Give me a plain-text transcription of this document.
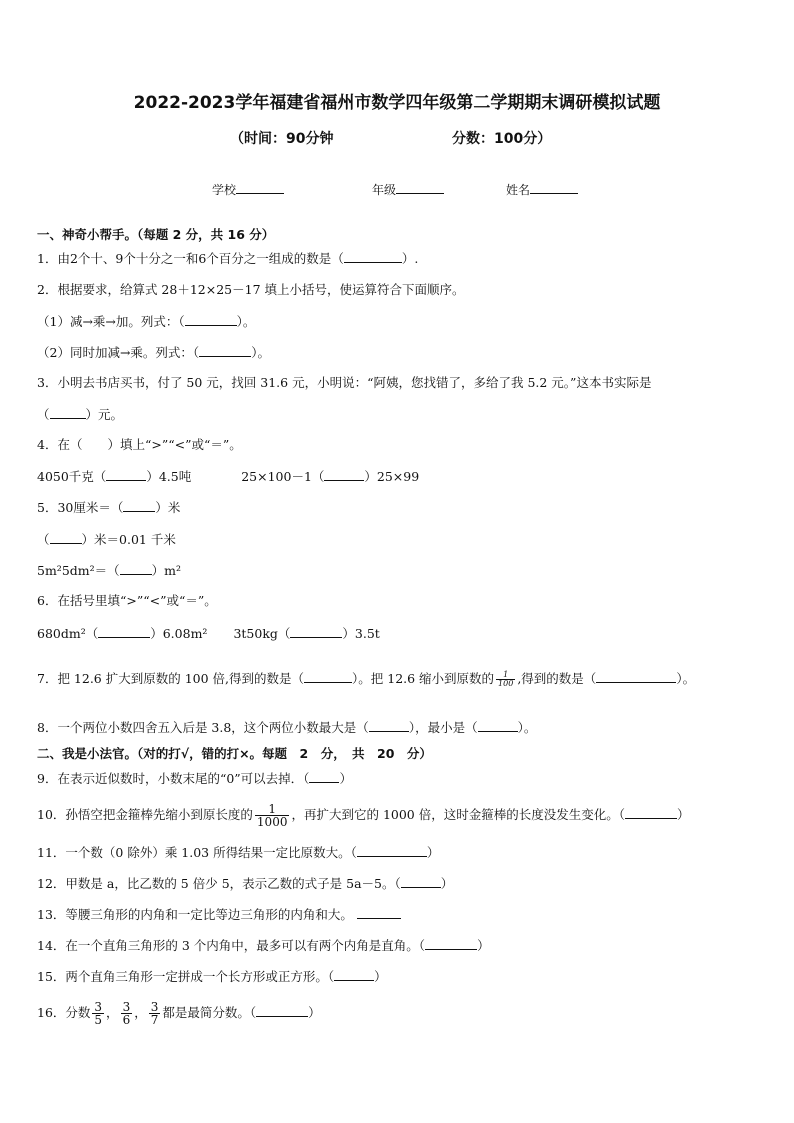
2022-2023学年福建省福州市数学四年级第二学期期末调研模拟试题
（时间：90分钟	分数：100分）
学校	年级	姓名
一、神奇小帮手。（每题 2 分，共 16 分）
1．由2个十、9个十分之一和6个百分之一组成的数是（	）.
2．根据要求，给算式 28＋12×25－17 填上小括号，使运算符合下面顺序。
（1）减→乘→加。列式：（	）。
（2）同时加减→乘。列式：（	）。
3．小明去书店买书，付了 50 元，找回 31.6 元，小明说：“阿姨，您找错了，多给了我 5.2 元。”这本书实际是
（	）元。
4．在（　　）填上“>”“<”或“＝”。
4050千克（	）4.5吨	25×100－1（	）25×99
5．30厘米＝（	）米
（	）米＝0.01 千米
5m²5dm²＝（	）m²
6．在括号里填“>”“<”或“＝”。
680dm²（	）6.08m² 3t50kg（	）3.5t
7．把 12.6 扩大到原数的 100 倍,得到的数是（	）。把 12.6 缩小到原数的 $\frac{1}{100}$ ,得到的数是（	）。
8．一个两位小数四舍五入后是 3.8，这个两位小数最大是（	），最小是（	）。
二、我是小法官。（对的打√，错的打×。每题　2　分，　共　20　分）
9．在表示近似数时，小数末尾的“0”可以去掉．（ ）
10．孙悟空把金箍棒先缩小到原长度的 $\frac{1}{1000}$ ，再扩大到它的 1000 倍，这时金箍棒的长度没发生变化。（	）
11．一个数（0 除外）乘 1.03 所得结果一定比原数大。（	）
12．甲数是 a，比乙数的 5 倍少 5，表示乙数的式子是 5a－5。（	）
13．等腰三角形的内角和一定比等边三角形的内角和大。
14．在一个直角三角形的 3 个内角中，最多可以有两个内角是直角。（	）
15．两个直角三角形一定拼成一个长方形或正方形。（	）
16．分数 $\frac{3}{5}$ ， $\frac{3}{6}$ ， $\frac{3}{7}$ 都是最简分数。（	）
